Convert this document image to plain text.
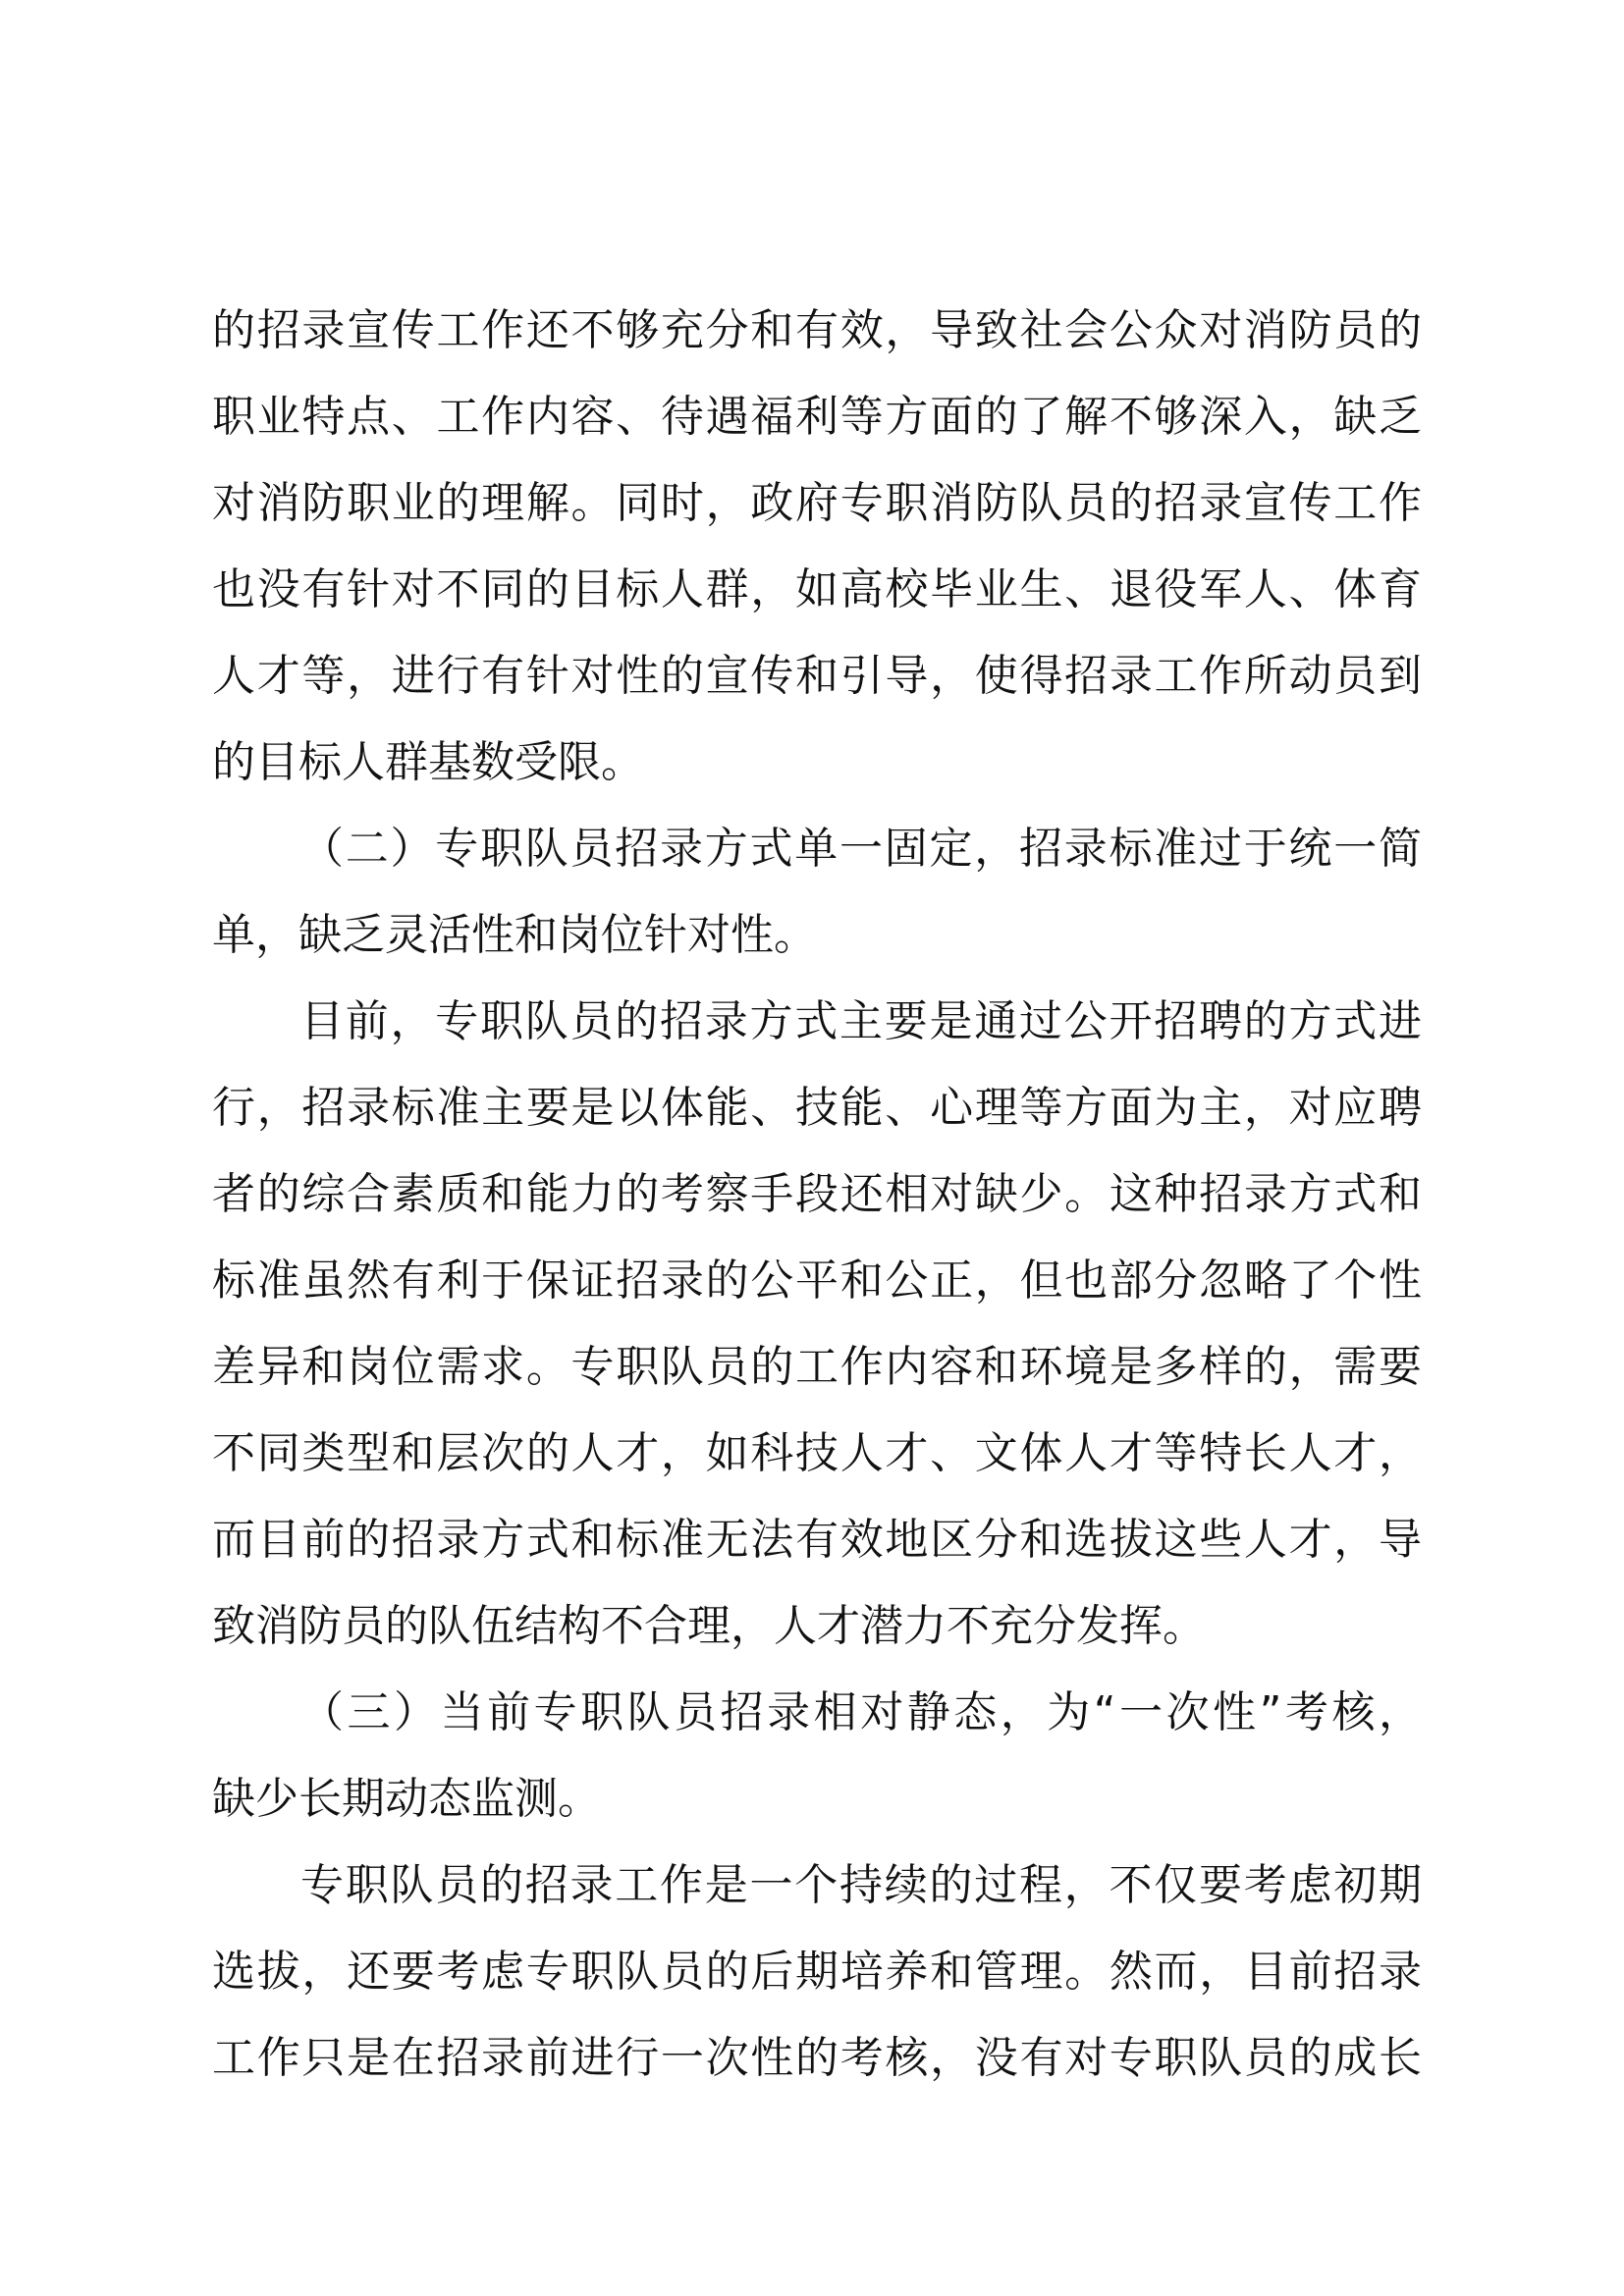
的招录宣传工作还不够充分和有效，导致社会公众对消防员的
职业特点、工作内容、待遇福利等方面的了解不够深入，缺乏
对消防职业的理解。同时，政府专职消防队员的招录宣传工作
也没有针对不同的目标人群，如高校毕业生、退役军人、体育
人才等，进行有针对性的宣传和引导，使得招录工作所动员到
的目标人群基数受限。
（二）专职队员招录方式单一固定，招录标准过于统一简
单，缺乏灵活性和岗位针对性。
目前，专职队员的招录方式主要是通过公开招聘的方式进
行，招录标准主要是以体能、技能、心理等方面为主，对应聘
者的综合素质和能力的考察手段还相对缺少。这种招录方式和
标准虽然有利于保证招录的公平和公正，但也部分忽略了个性
差异和岗位需求。专职队员的工作内容和环境是多样的，需要
不同类型和层次的人才，如科技人才、文体人才等特长人才，
而目前的招录方式和标准无法有效地区分和选拔这些人才，导
致消防员的队伍结构不合理，人才潜力不充分发挥。
（三）当前专职队员招录相对静态，为“一次性”考核，
缺少长期动态监测。
专职队员的招录工作是一个持续的过程，不仅要考虑初期
选拔，还要考虑专职队员的后期培养和管理。然而，目前招录
工作只是在招录前进行一次性的考核，没有对专职队员的成长
